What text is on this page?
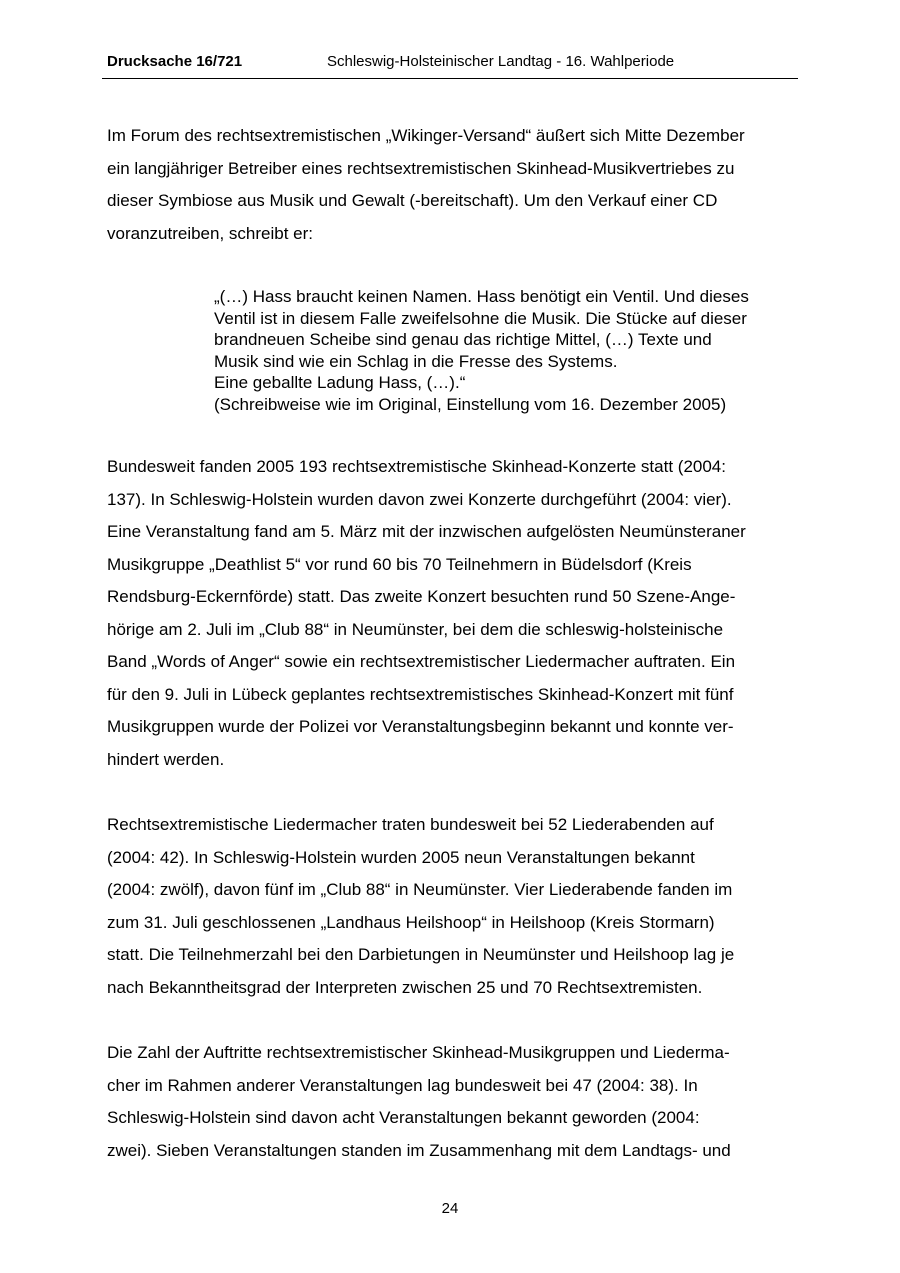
Drucksache 16/721	Schleswig-Holsteinischer Landtag - 16. Wahlperiode

Im Forum des rechtsextremistischen „Wikinger-Versand“ äußert sich Mitte Dezember
ein langjähriger Betreiber eines rechtsextremistischen Skinhead-Musikvertriebes zu
dieser Symbiose aus Musik und Gewalt (-bereitschaft). Um den Verkauf einer CD
voranzutreiben, schreibt er:

„(…) Hass braucht keinen Namen. Hass benötigt ein Ventil. Und dieses
Ventil ist in diesem Falle zweifelsohne die Musik. Die Stücke auf dieser
brandneuen Scheibe sind genau das richtige Mittel, (…) Texte und
Musik sind wie ein Schlag in die Fresse des Systems.
Eine geballte Ladung Hass, (…).“
(Schreibweise wie im Original, Einstellung vom 16. Dezember 2005)

Bundesweit fanden 2005 193 rechtsextremistische Skinhead-Konzerte statt (2004:
137). In Schleswig-Holstein wurden davon zwei Konzerte durchgeführt (2004: vier).
Eine Veranstaltung fand am 5. März mit der inzwischen aufgelösten Neumünsteraner
Musikgruppe „Deathlist 5“ vor rund 60 bis 70 Teilnehmern in Büdelsdorf (Kreis
Rendsburg-Eckernförde) statt. Das zweite Konzert besuchten rund 50 Szene-Ange-
hörige am 2. Juli im „Club 88“ in Neumünster, bei dem die schleswig-holsteinische
Band „Words of Anger“ sowie ein rechtsextremistischer Liedermacher auftraten. Ein
für den 9. Juli in Lübeck geplantes rechtsextremistisches Skinhead-Konzert mit fünf
Musikgruppen wurde der Polizei vor Veranstaltungsbeginn bekannt und konnte ver-
hindert werden.

Rechtsextremistische Liedermacher traten bundesweit bei 52 Liederabenden auf
(2004: 42). In Schleswig-Holstein wurden 2005 neun Veranstaltungen bekannt
(2004: zwölf), davon fünf im „Club 88“ in Neumünster. Vier Liederabende fanden im
zum 31. Juli geschlossenen „Landhaus Heilshoop“ in Heilshoop (Kreis Stormarn)
statt. Die Teilnehmerzahl bei den Darbietungen in Neumünster und Heilshoop lag je
nach Bekanntheitsgrad der Interpreten zwischen 25 und 70 Rechtsextremisten.

Die Zahl der Auftritte rechtsextremistischer Skinhead-Musikgruppen und Liederma-
cher im Rahmen anderer Veranstaltungen lag bundesweit bei 47 (2004: 38). In
Schleswig-Holstein sind davon acht Veranstaltungen bekannt geworden (2004:
zwei). Sieben Veranstaltungen standen im Zusammenhang mit dem Landtags- und

24
